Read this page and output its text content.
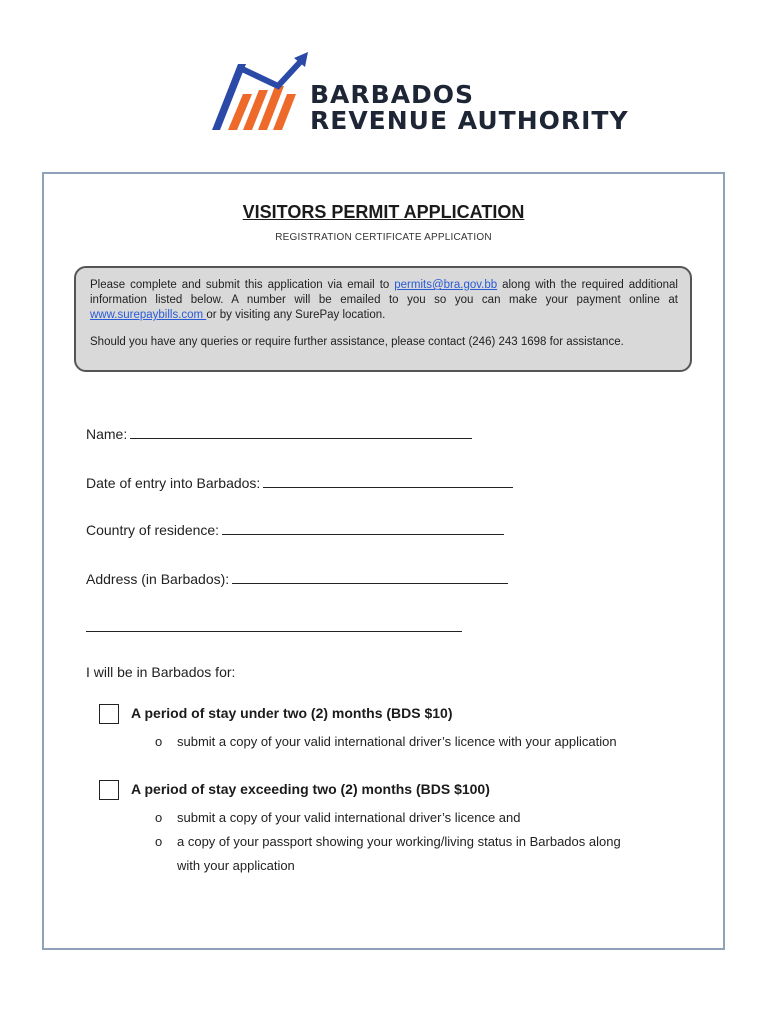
BARBADOS
REVENUE AUTHORITY
VISITORS PERMIT APPLICATION
REGISTRATION CERTIFICATE APPLICATION

Please complete and submit this application via email to permits@bra.gov.bb along with the required additional information listed below. A number will be emailed to you so you can make your payment online at www.surepaybills.com or by visiting any SurePay location.

Should you have any queries or require further assistance, please contact (246) 243 1698 for assistance.

Name:
Date of entry into Barbados:
Country of residence:
Address (in Barbados):
I will be in Barbados for:
A period of stay under two (2) months (BDS $10)
o submit a copy of your valid international driver’s licence with your application
A period of stay exceeding two (2) months (BDS $100)
o submit a copy of your valid international driver’s licence and
o a copy of your passport showing your working/living status in Barbados along
with your application
